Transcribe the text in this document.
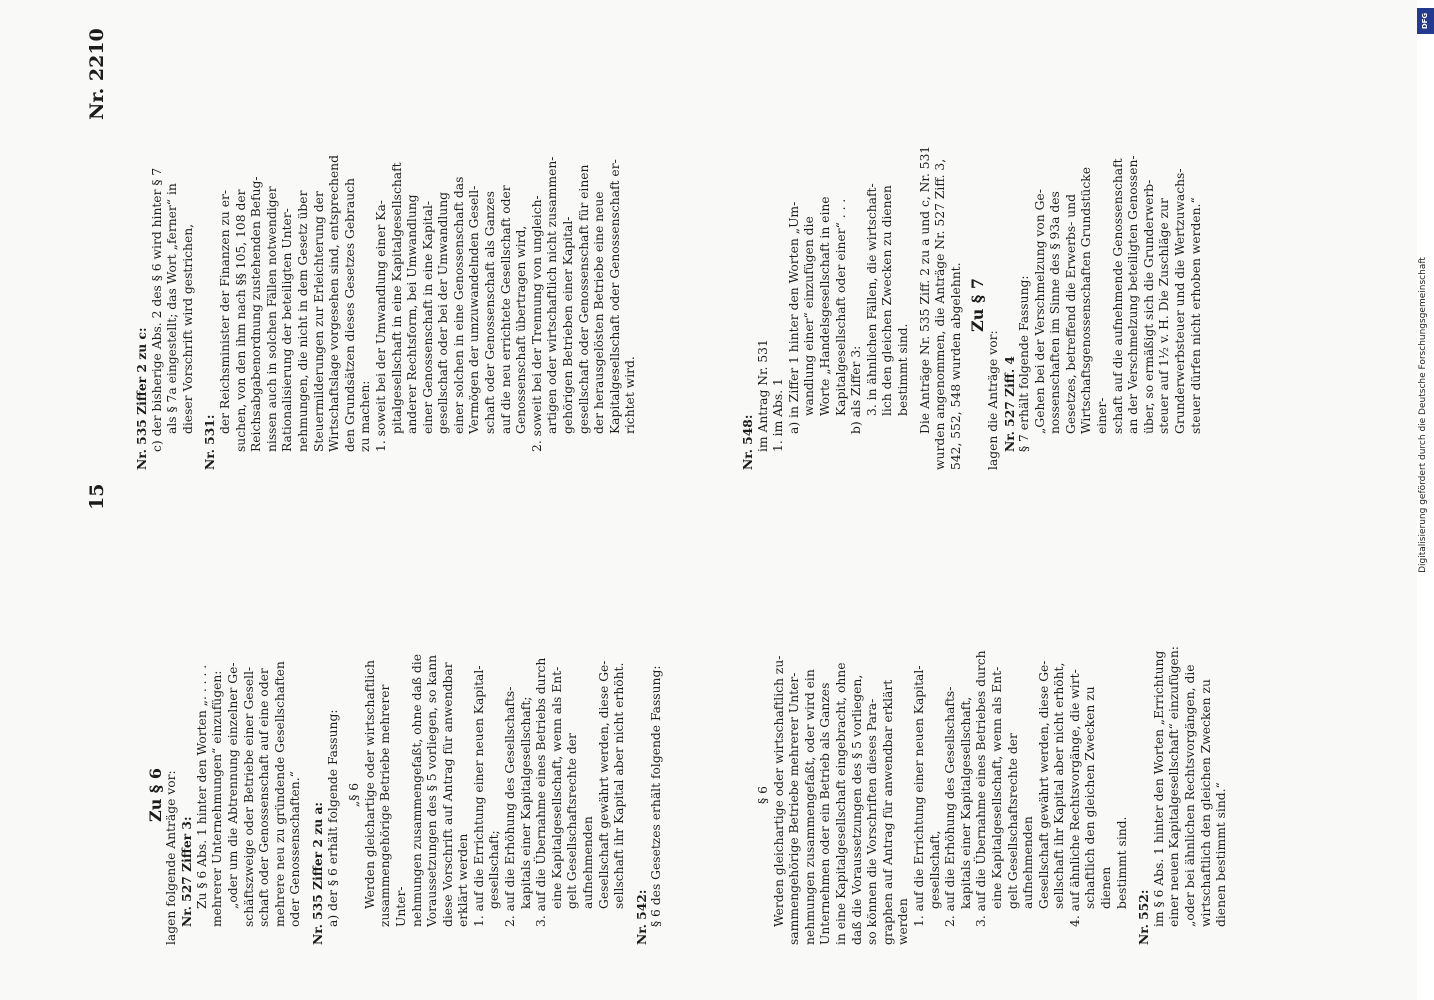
15
Nr. 2210

Zu § 6

lagen folgende Anträge vor: Nr. 527 Ziffer 3: Zu § 6 Abs. 1 hinter den Worten „. . . . . mehrerer Unternehmungen“ einzufügen: „oder um die Abtrennung einzelner Ge- schäftszweige oder Betriebe einer Gesell- schaft oder Genossenschaft auf eine oder mehrere neu zu gründende Gesellschaften oder Genossenschaften.“ Nr. 535 Ziffer 2 zu a: a) der § 6 erhält folgende Fassung: „§ 6 Werden gleichartige oder wirtschaftlich zusammengehörige Betriebe mehrerer Unter- nehmungen zusammengefaßt, ohne daß die Voraussetzungen des § 5 vorliegen, so kann diese Vorschrift auf Antrag für anwendbar erklärt werden 1. auf die Errichtung einer neuen Kapital- gesellschaft; 2. auf die Erhöhung des Gesellschafts- kapitals einer Kapitalgesellschaft; 3. auf die Übernahme eines Betriebs durch eine Kapitalgesellschaft, wenn als Ent- gelt Gesellschaftsrechte der aufnehmenden Gesellschaft gewährt werden, diese Ge- sellschaft ihr Kapital aber nicht erhöht.

Nr. 542: § 6 des Gesetzes erhält folgende Fassung:	§ 6 Werden gleichartige oder wirtschaftlich zu- sammengehörige Betriebe mehrerer Unter- nehmungen zusammengefaßt, oder wird ein Unternehmen oder ein Betrieb als Ganzes in eine Kapitalgesellschaft eingebracht, ohne daß die Voraussetzungen des § 5 vorliegen, so können die Vorschriften dieses Para- graphen auf Antrag für anwendbar erklärt werden 1. auf die Errichtung einer neuen Kapital- gesellschaft, 2. auf die Erhöhung des Gesellschafts- kapitals einer Kapitalgesellschaft, 3. auf die Übernahme eines Betriebes durch eine Kapitalgesellschaft, wenn als Ent- gelt Gesellschaftsrechte der aufnehmenden Gesellschaft gewährt werden, diese Ge- sellschaft ihr Kapital aber nicht erhöht, 4. auf ähnliche Rechtsvorgänge, die wirt- schaftlich den gleichen Zwecken zu dienen bestimmt sind.

Nr. 552: im § 6 Abs. 1 hinter den Worten „Errichtung einer neuen Kapitalgesellschaft“ einzufügen: „oder bei ähnlichen Rechtsvorgängen, die wirtschaftlich den gleichen Zwecken zu dienen bestimmt sind.“

Nr. 535 Ziffer 2 zu c: c) der bisherige Abs. 2 des § 6 wird hinter § 7 als § 7a eingestellt; das Wort „ferner“ in dieser Vorschrift wird gestrichen,

Nr. 531:

der Reichsminister der Finanzen zu er- suchen, von den ihm nach §§ 105, 108 der Reichsabgabenordnung zustehenden Befug- nissen auch in solchen Fällen notwendiger Rationalisierung der beteiligten Unter- nehmungen, die nicht in dem Gesetz über Steuermilderungen zur Erleichterung der Wirtschaftslage vorgesehen sind, entsprechend den Grundsätzen dieses Gesetzes Gebrauch zu machen: 1. soweit bei der Umwandlung einer Ka- pitalgesellschaft in eine Kapitalgesellschaft anderer Rechtsform, bei Umwandlung einer Genossenschaft in eine Kapital- gesellschaft oder bei der Umwandlung einer solchen in eine Genossenschaft das Vermögen der umzuwandelnden Gesell- schaft oder Genossenschaft als Ganzes auf die neu errichtete Gesellschaft oder Genossenschaft übertragen wird, 2. soweit bei der Trennung von ungleich- artigen oder wirtschaftlich nicht zusammen- gehörigen Betrieben einer Kapital- gesellschaft oder Genossenschaft für einen der herausgelösten Betriebe eine neue Kapitalgesellschaft oder Genossenschaft er- richtet wird.

Nr. 548: im Antrag Nr. 531 1. im Abs. 1 a) in Ziffer 1 hinter den Worten „Um- wandlung einer“ einzufügen die Worte „Handelsgesellschaft in eine Kapitalgesellschaft oder einer“ . . . b) als Ziffer 3: 3. in ähnlichen Fällen, die wirtschaft- lich den gleichen Zwecken zu dienen bestimmt sind. Die Anträge Nr. 535 Ziff. 2 zu a und c, Nr. 531 wurden angenommen, die Anträge Nr. 527 Ziff. 3, 542, 552, 548 wurden abgelehnt. Zu § 7

lagen die Anträge vor: Nr. 527 Ziff. 4 § 7 erhält folgende Fassung: „Gehen bei der Verschmelzung von Ge- nossenschaften im Sinne des § 93a des Gesetzes, betreffend die Erwerbs- und Wirtschaftsgenossenschaften Grundstücke einer- schaft auf die aufnehmende Genossenschaft an der Verschmelzung beteiligten Genossen- über, so ermäßigt sich die Grunderwerb- steuer auf 1½ v. H. Die Zuschläge zur Grunderwerbsteuer und die Wertzuwachs- steuer dürfen nicht erhoben werden.“

DFG
Digitalisierung gefördert durch die Deutsche Forschungsgemeinschaft
